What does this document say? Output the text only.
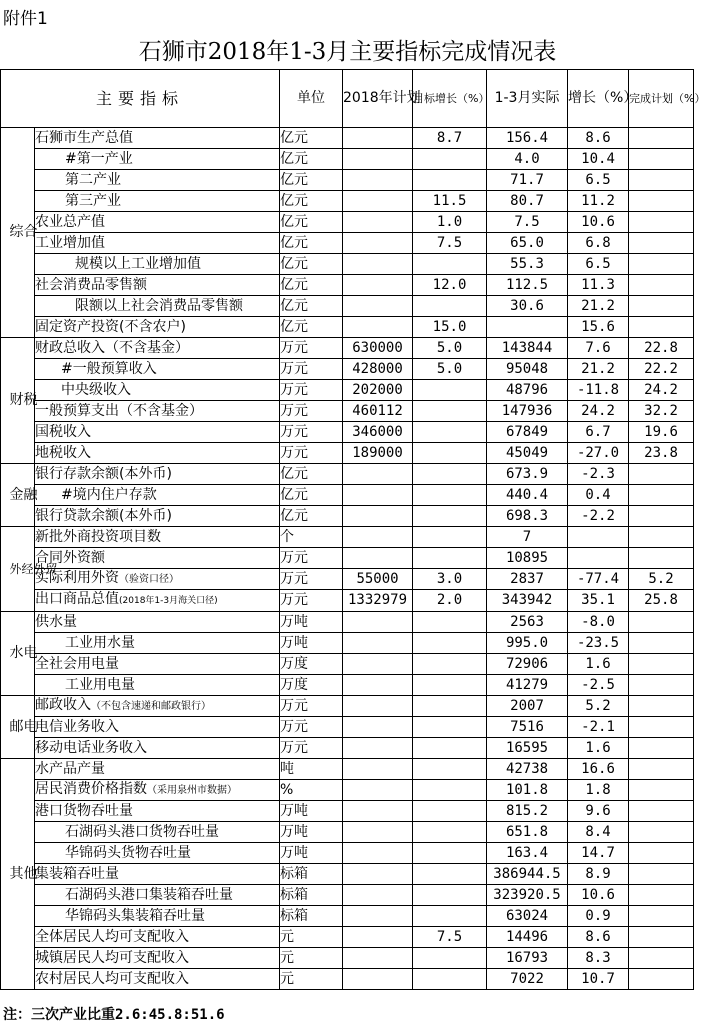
附件1
石狮市2018年1-3月主要指标完成情况表
主要指标		单位	2018年计划	目标增长（%）	1-3月实际	增长（%）	完成计划（%）
综合	石狮市生产总值	亿元		8.7	156.4	8.6	
	#第一产业	亿元			4.0	10.4	
	第二产业	亿元			71.7	6.5	
	第三产业	亿元		11.5	80.7	11.2	
	农业总产值	亿元		1.0	7.5	10.6	
	工业增加值	亿元		7.5	65.0	6.8	
	规模以上工业增加值	亿元			55.3	6.5	
	社会消费品零售额	亿元		12.0	112.5	11.3	
	限额以上社会消费品零售额	亿元			30.6	21.2	
	固定资产投资(不含农户)	亿元		15.0		15.6	
财税	财政总收入（不含基金）	万元	630000	5.0	143844	7.6	22.8
	#一般预算收入	万元	428000	5.0	95048	21.2	22.2
	中央级收入	万元	202000		48796	-11.8	24.2
	一般预算支出（不含基金）	万元	460112		147936	24.2	32.2
	国税收入	万元	346000		67849	6.7	19.6
	地税收入	万元	189000		45049	-27.0	23.8
金融	银行存款余额(本外币)	亿元			673.9	-2.3	
	#境内住户存款	亿元			440.4	0.4	
	银行贷款余额(本外币)	亿元			698.3	-2.2	
外经外贸	新批外商投资项目数	个			7		
	合同外资额	万元			10895		
	实际利用外资（验资口径）	万元	55000	3.0	2837	-77.4	5.2
	出口商品总值(2018年1-3月海关口径)	万元	1332979	2.0	343942	35.1	25.8
水电	供水量	万吨			2563	-8.0	
	工业用水量	万吨			995.0	-23.5	
	全社会用电量	万度			72906	1.6	
	工业用电量	万度			41279	-2.5	
邮电	邮政收入（不包含速递和邮政银行）	万元			2007	5.2	
	电信业务收入	万元			7516	-2.1	
	移动电话业务收入	万元			16595	1.6	
其他	水产品产量	吨			42738	16.6	
	居民消费价格指数（采用泉州市数据）	%			101.8	1.8	
	港口货物吞吐量	万吨			815.2	9.6	
	石湖码头港口货物吞吐量	万吨			651.8	8.4	
	华锦码头货物吞吐量	万吨			163.4	14.7	
	集装箱吞吐量	标箱			386944.5	8.9	
	石湖码头港口集装箱吞吐量	标箱			323920.5	10.6	
	华锦码头集装箱吞吐量	标箱			63024	0.9	
	全体居民人均可支配收入	元		7.5	14496	8.6	
	城镇居民人均可支配收入	元			16793	8.3	
	农村居民人均可支配收入	元			7022	10.7	
注：三次产业比重2.6:45.8:51.6
